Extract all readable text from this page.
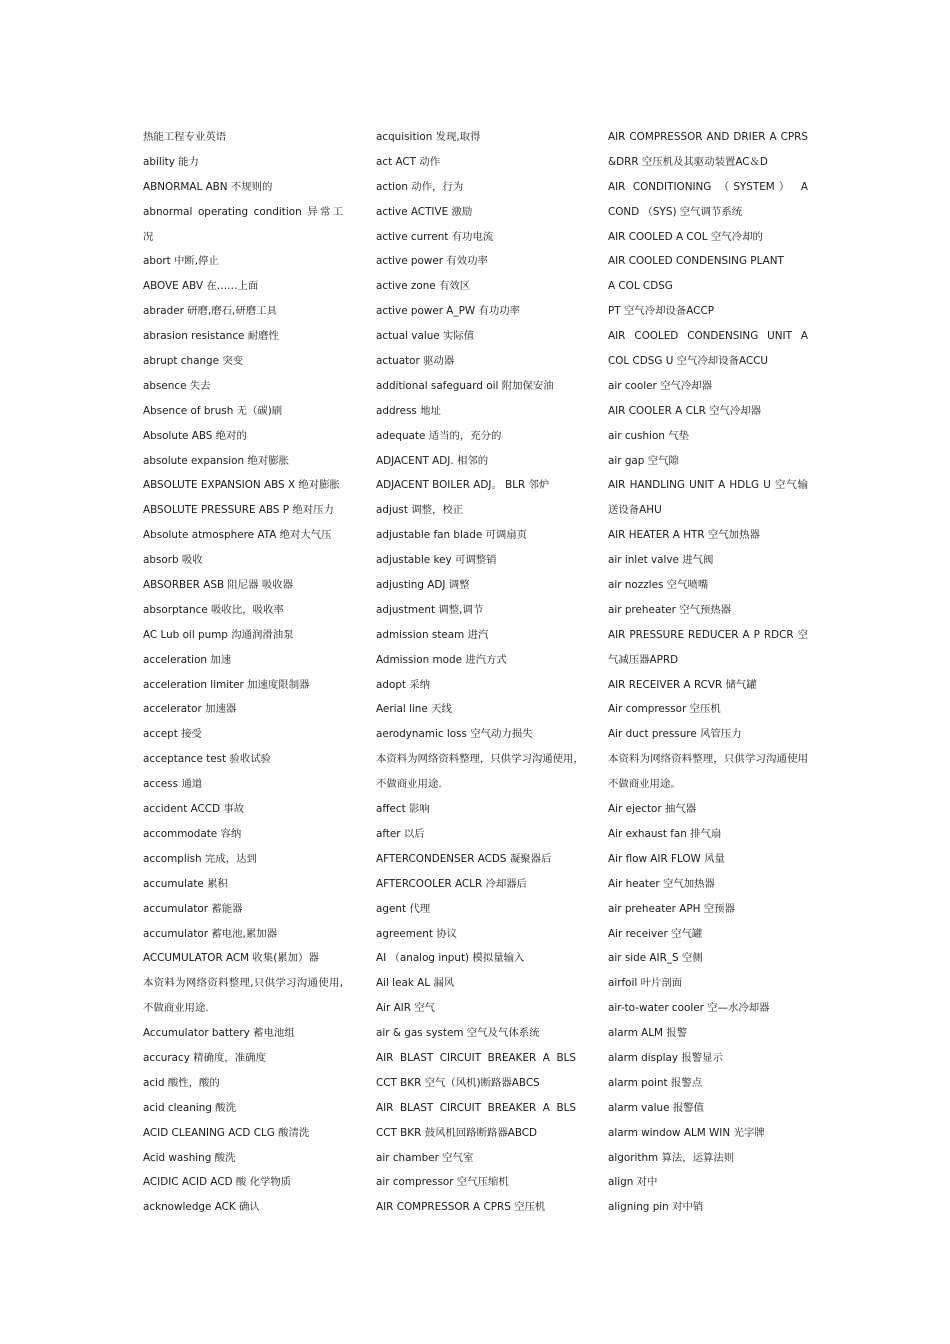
热能工程专业英语
ability 能力
ABNORMAL ABN 不规则的
abnormal operating condition 异常工
况
abort 中断,停止
ABOVE ABV 在……上面
abrader 研磨,磨石,研磨工具
abrasion resistance 耐磨性
abrupt change 突变
absence 失去
Absence of brush 无（碳)刷
Absolute ABS 绝对的
absolute expansion 绝对膨胀
ABSOLUTE EXPANSION ABS X 绝对膨胀
ABSOLUTE PRESSURE ABS P 绝对压力
Absolute atmosphere ATA 绝对大气压
absorb 吸收
ABSORBER ASB 阻尼器 吸收器
absorptance 吸收比，吸收率
AC Lub oil pump 沟通润滑油泵
acceleration 加速
acceleration limiter 加速度限制器
accelerator 加速器
accept 接受
acceptance test 验收试验
access 通道
accident ACCD 事故
accommodate 容纳
accomplish 完成，达到
accumulate 累积
accumulator 蓄能器
accumulator 蓄电池,累加器
ACCUMULATOR ACM 收集(累加）器
本资料为网络资料整理,只供学习沟通使用,
不做商业用途.
Accumulator battery 蓄电池组
accuracy 精确度，准确度
acid 酸性，酸的
acid cleaning 酸洗
ACID CLEANING ACD CLG 酸清洗
Acid washing 酸洗
ACIDIC ACID ACD 酸 化学物质
acknowledge ACK 确认
acquisition 发现,取得
act ACT 动作
action 动作，行为
active ACTIVE 激励
active current 有功电流
active power 有效功率
active zone 有效区
active power A_PW 有功功率
actual value 实际值
actuator 驱动器
additional safeguard oil 附加保安油
address 地址
adequate 适当的，充分的
ADJACENT ADJ. 相邻的
ADJACENT BOILER ADJ。 BLR 邻炉
adjust 调整，校正
adjustable fan blade 可调扇页
adjustable key 可调整销
adjusting ADJ 调整
adjustment 调整,调节
admission steam 进汽
Admission mode 进汽方式
adopt 采纳
Aerial line 天线
aerodynamic loss 空气动力损失
本资料为网络资料整理，只供学习沟通使用，
不做商业用途.
affect 影响
after 以后
AFTERCONDENSER ACDS 凝聚器后
AFTERCOOLER ACLR 冷却器后
agent 代理
agreement 协议
AI （analog input) 模拟量输入
Ail leak AL 漏风
Air AIR 空气
air & gas system 空气及气体系统
AIR BLAST CIRCUIT BREAKER A BLS
CCT BKR 空气（风机)断路器ABCS
AIR BLAST CIRCUIT BREAKER A BLS
CCT BKR 鼓风机回路断路器ABCD
air chamber 空气室
air compressor 空气压缩机
AIR COMPRESSOR A CPRS 空压机
AIR COMPRESSOR AND DRIER A CPRS
&DRR 空压机及其驱动装置AC＆D
AIR CONDITIONING （SYSTEM） A
COND （SYS) 空气调节系统
AIR COOLED A COL 空气冷却的
AIR COOLED CONDENSING PLANT
A COL CDSG
PT 空气冷却设备ACCP
AIR COOLED CONDENSING UNIT A
COL CDSG U 空气冷却设备ACCU
air cooler 空气冷却器
AIR COOLER A CLR 空气冷却器
air cushion 气垫
air gap 空气隙
AIR HANDLING UNIT A HDLG U 空气输
送设备AHU
AIR HEATER A HTR 空气加热器
air inlet valve 进气阀
air nozzles 空气喷嘴
air preheater 空气预热器
AIR PRESSURE REDUCER A P RDCR 空
气减压器APRD
AIR RECEIVER A RCVR 储气罐
Air compressor 空压机
Air duct pressure 风管压力
本资料为网络资料整理，只供学习沟通使用
不做商业用途。
Air ejector 抽气器
Air exhaust fan 排气扇
Air flow AIR FLOW 风量
Air heater 空气加热器
air preheater APH 空预器
Air receiver 空气罐
air side AIR_S 空侧
airfoil 叶片剖面
air-to-water cooler 空—水冷却器
alarm ALM 报警
alarm display 报警显示
alarm point 报警点
alarm value 报警值
alarm window ALM WIN 光字牌
algorithm 算法，运算法则
align 对中
aligning pin 对中销
